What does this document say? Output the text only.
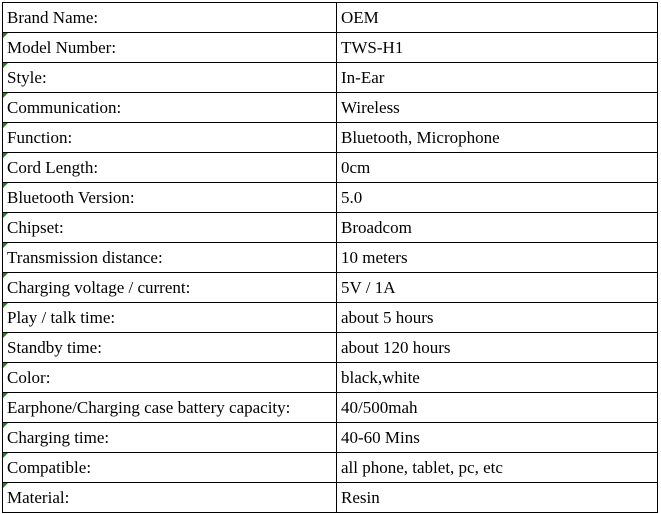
Brand Name:	OEM
Model Number:	TWS-H1
Style:	In-Ear
Communication:	Wireless
Function:	Bluetooth, Microphone
Cord Length:	0cm
Bluetooth Version:	5.0
Chipset:	Broadcom
Transmission distance:	10 meters
Charging voltage / current:	5V / 1A
Play / talk time:	about 5 hours
Standby time:	about 120 hours
Color:	black,white
Earphone/Charging case battery capacity:	40/500mah
Charging time:	40-60 Mins
Compatible:	all phone, tablet, pc, etc
Material:	Resin
